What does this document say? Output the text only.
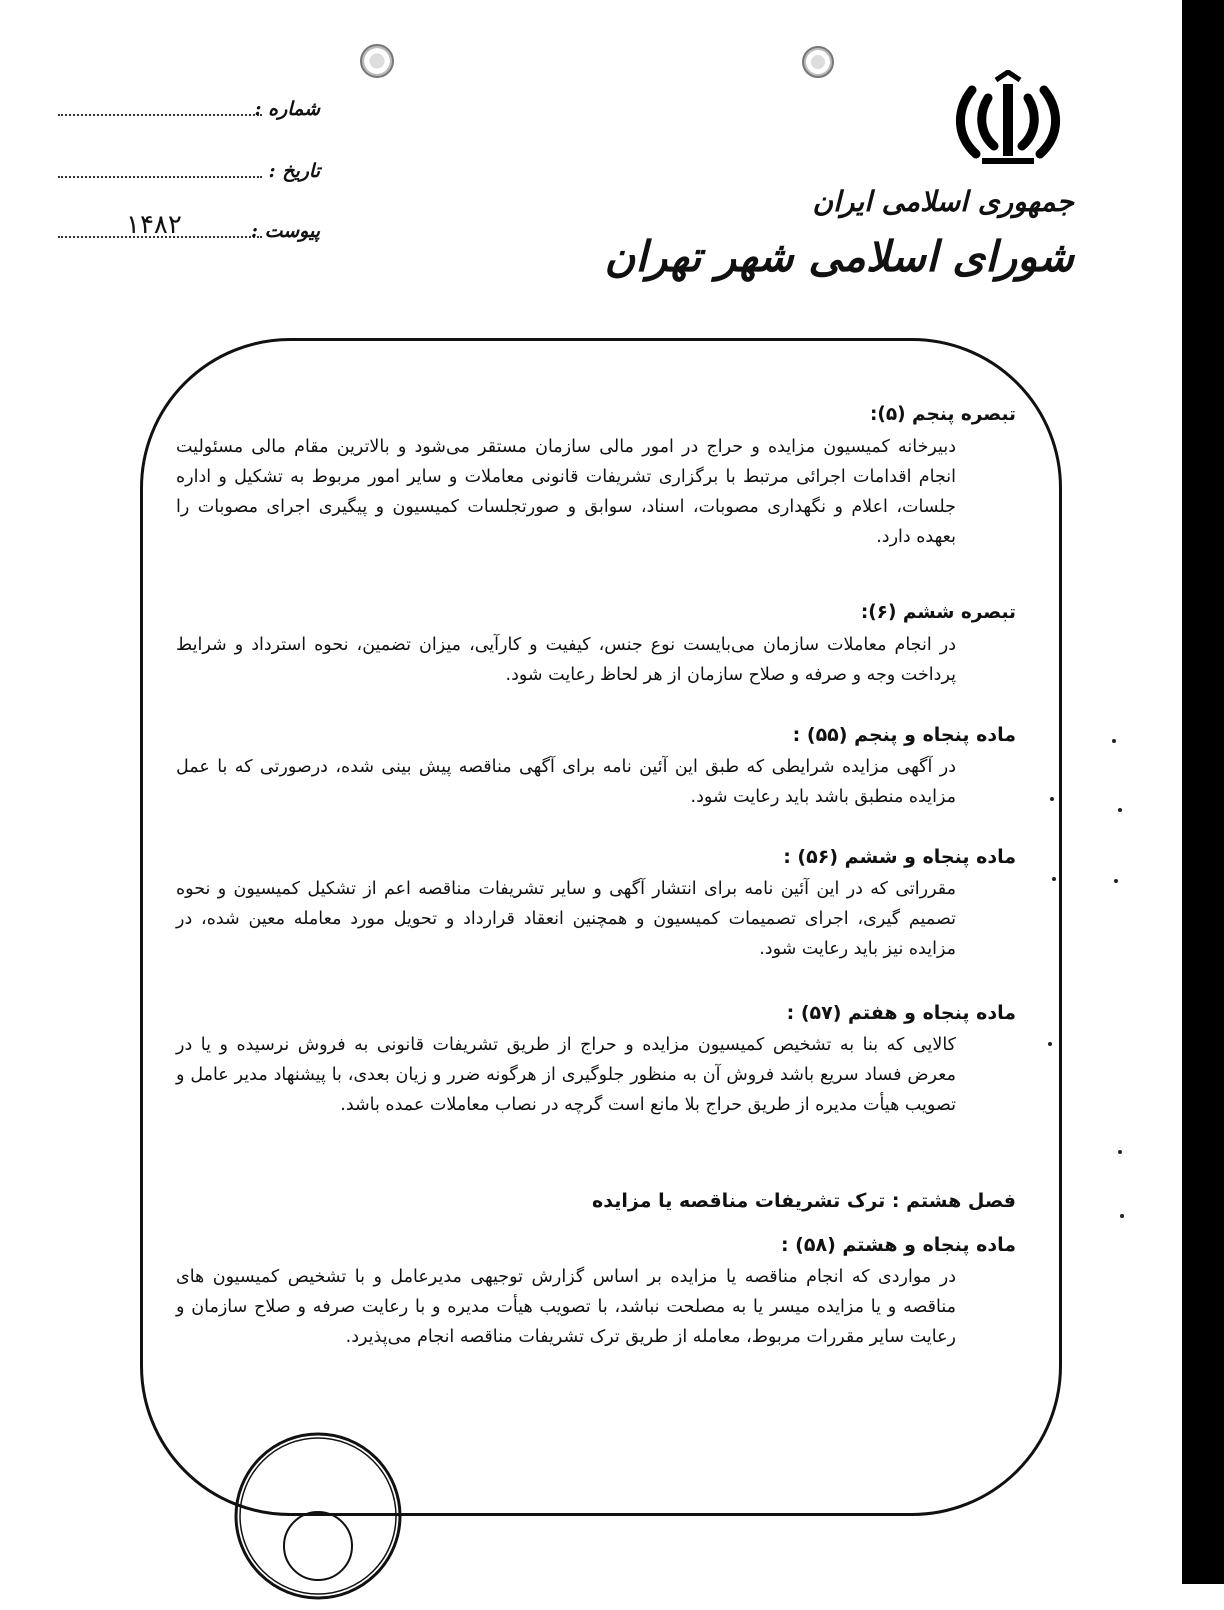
جمهوری اسلامی ایران
شورای اسلامی شهر تهران
شماره :
تاریخ :
۱۴۸۲	پیوست :
تبصره پنجم (۵):
دبیرخانه کمیسیون مزایده و حراج در امور مالی سازمان مستقر می‌شود و بالاترین مقام مالی مسئولیت انجام اقدامات اجرائی مرتبط با برگزاری تشریفات قانونی معاملات و سایر امور مربوط به تشکیل و اداره جلسات، اعلام و نگهداری مصوبات، اسناد، سوابق و صورتجلسات کمیسیون و پیگیری اجرای مصوبات را بعهده دارد.
تبصره ششم (۶):
در انجام معاملات سازمان می‌بایست نوع جنس، کیفیت و کارآیی، میزان تضمین، نحوه استرداد و شرایط پرداخت وجه و صرفه و صلاح سازمان از هر لحاظ رعایت شود.
ماده پنجاه و پنجم (۵۵) :
در آگهی مزایده شرایطی که طبق این آئین نامه برای آگهی مناقصه پیش بینی شده، درصورتی که با عمل مزایده منطبق باشد باید رعایت شود.
ماده پنجاه و ششم (۵۶) :
مقرراتی که در این آئین نامه برای انتشار آگهی و سایر تشریفات مناقصه اعم از تشکیل کمیسیون و نحوه تصمیم گیری، اجرای تصمیمات کمیسیون و همچنین انعقاد قرارداد و تحویل مورد معامله معین شده، در مزایده نیز باید رعایت شود.
ماده پنجاه و هفتم (۵۷) :
کالایی که بنا به تشخیص کمیسیون مزایده و حراج از طریق تشریفات قانونی به فروش نرسیده و یا در معرض فساد سریع باشد فروش آن به منظور جلوگیری از هرگونه ضرر و زیان بعدی، با پیشنهاد مدیر عامل و تصویب هیأت مدیره از طریق حراج بلا مانع است گرچه در نصاب معاملات عمده باشد.
فصل هشتم : ترک تشریفات مناقصه یا مزایده
ماده پنجاه و هشتم (۵۸) :
در مواردی که انجام مناقصه یا مزایده بر اساس گزارش توجیهی مدیرعامل و با تشخیص کمیسیون های مناقصه و یا مزایده میسر یا به مصلحت نباشد، با تصویب هیأت مدیره و با رعایت صرفه و صلاح سازمان و رعایت سایر مقررات مربوط، معامله از طریق ترک تشریفات مناقصه انجام می‌پذیرد.
